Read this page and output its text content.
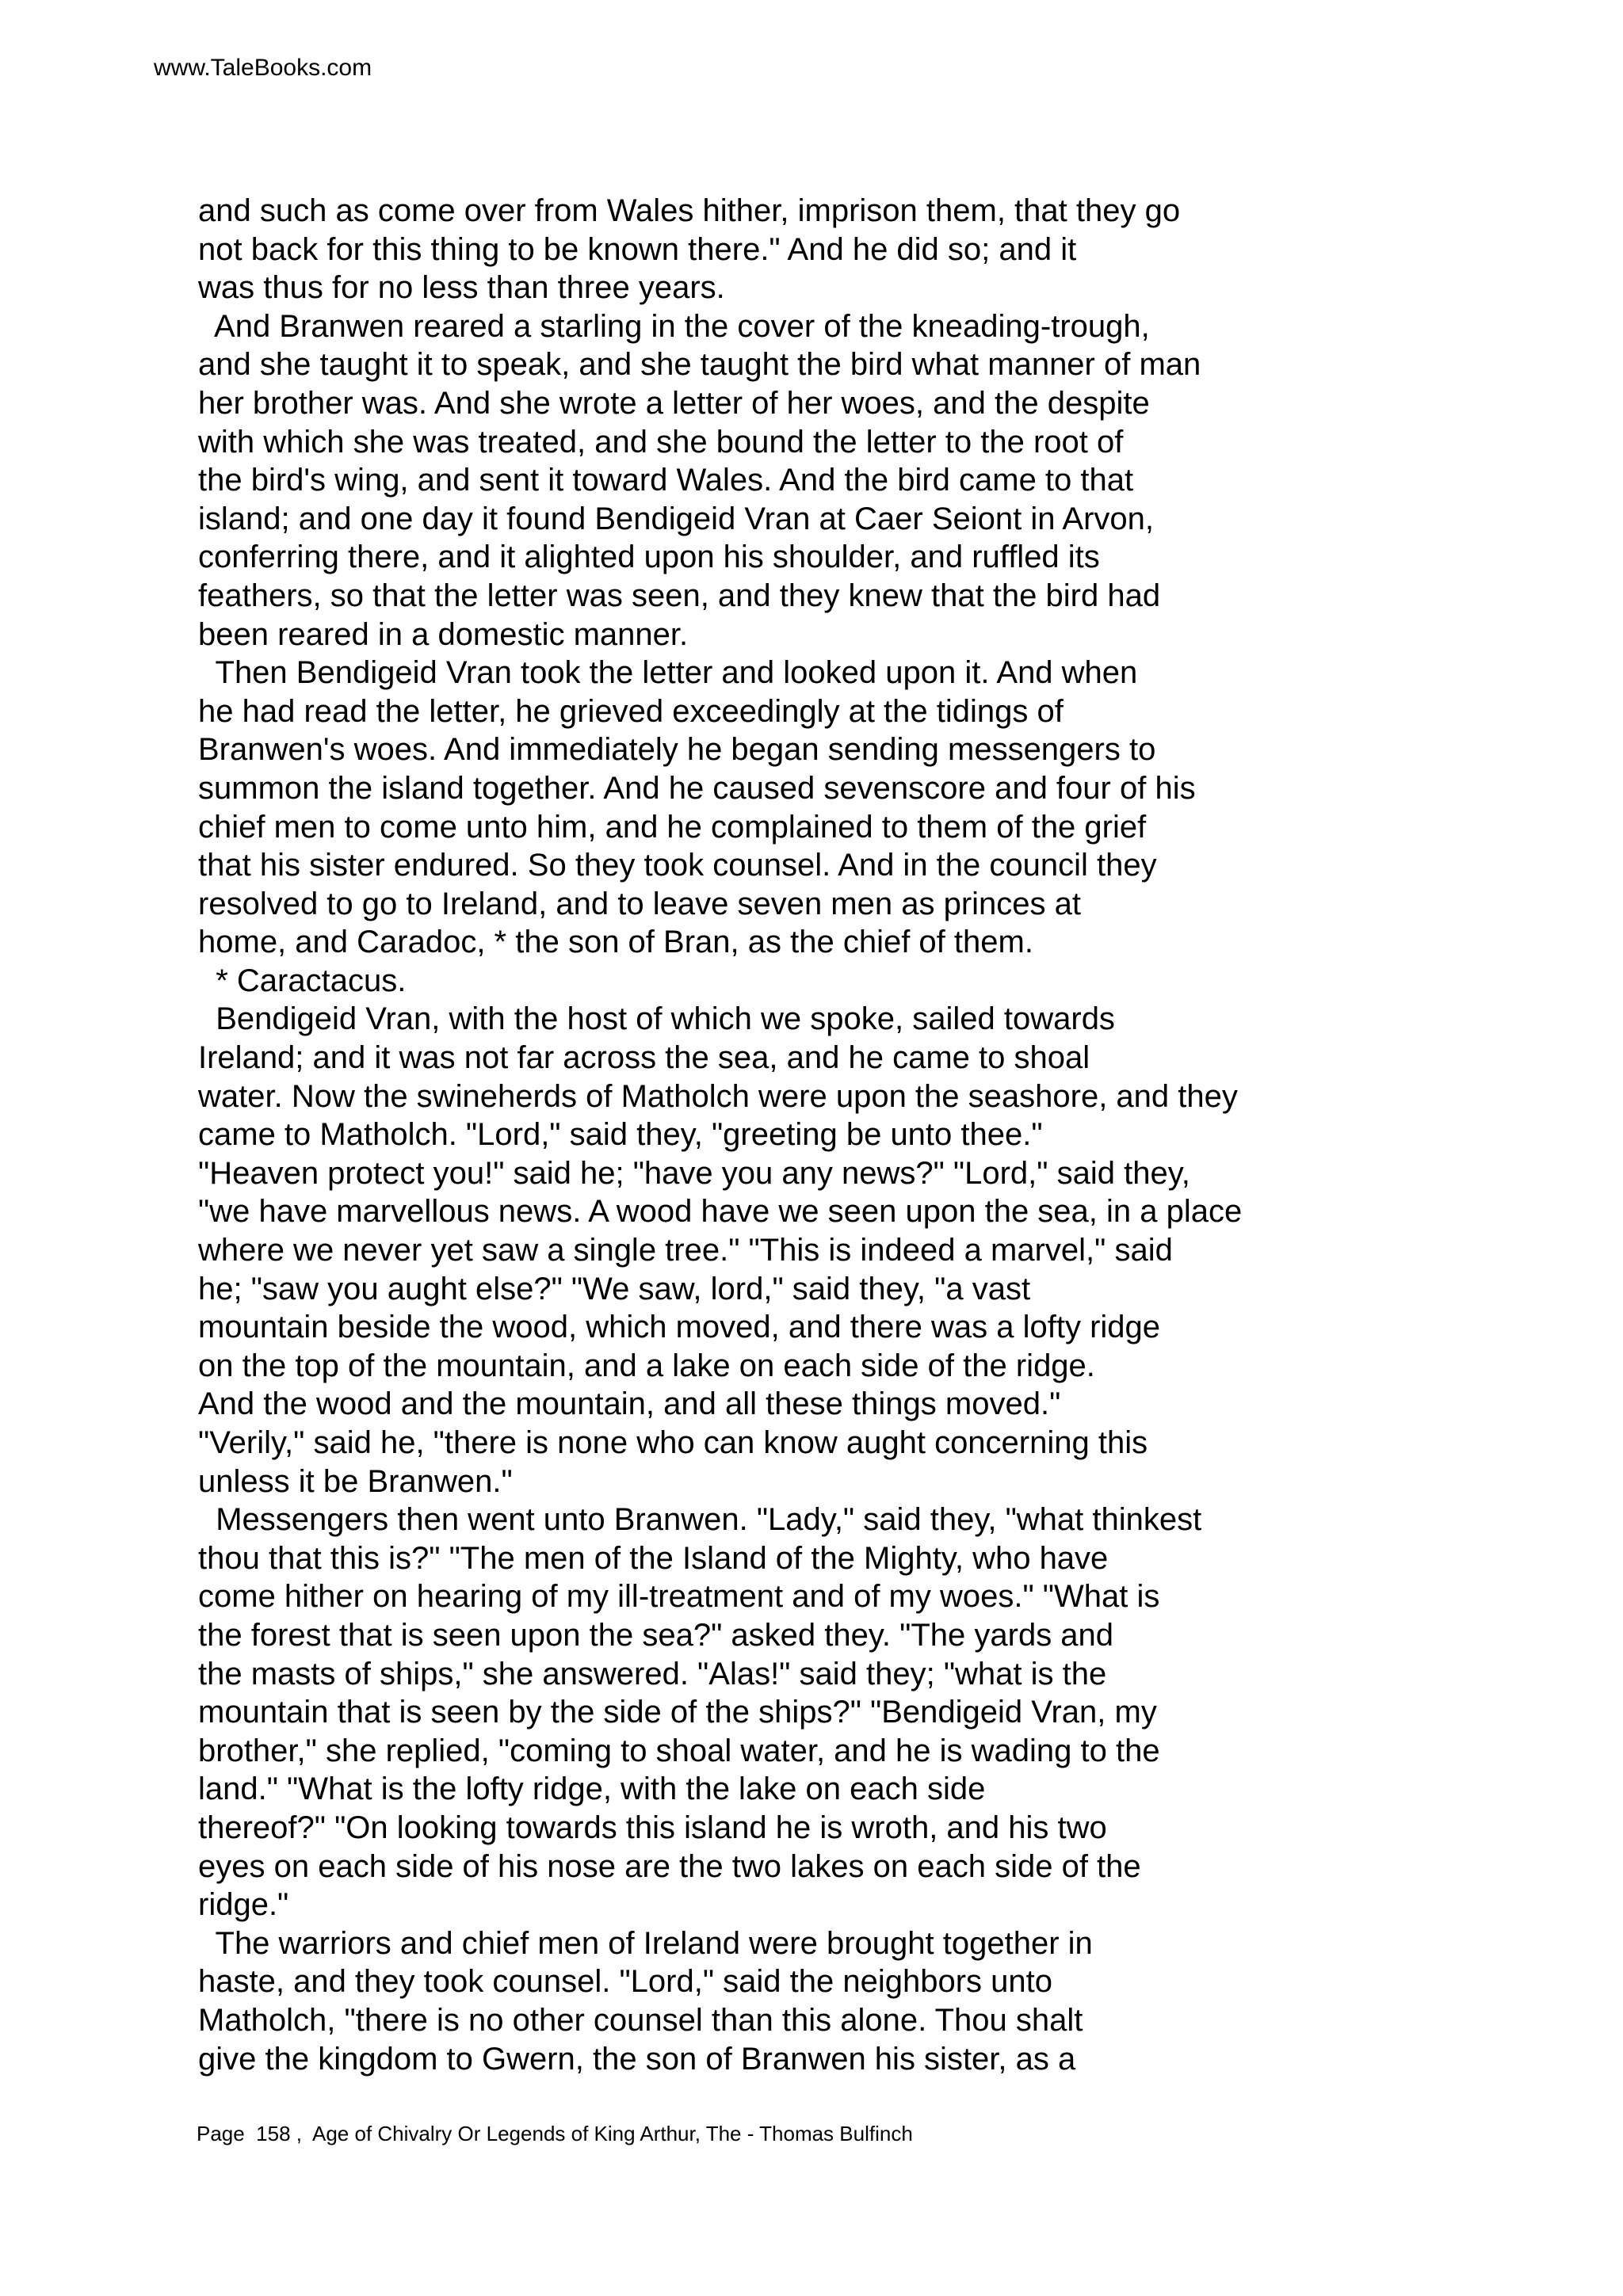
www.TaleBooks.com
and such as come over from Wales hither, imprison them, that they go
not back for this thing to be known there." And he did so; and it
was thus for no less than three years.
And Branwen reared a starling in the cover of the kneading-trough,
and she taught it to speak, and she taught the bird what manner of man
her brother was. And she wrote a letter of her woes, and the despite
with which she was treated, and she bound the letter to the root of
the bird's wing, and sent it toward Wales. And the bird came to that
island; and one day it found Bendigeid Vran at Caer Seiont in Arvon,
conferring there, and it alighted upon his shoulder, and ruffled its
feathers, so that the letter was seen, and they knew that the bird had
been reared in a domestic manner.
Then Bendigeid Vran took the letter and looked upon it. And when
he had read the letter, he grieved exceedingly at the tidings of
Branwen's woes. And immediately he began sending messengers to
summon the island together. And he caused sevenscore and four of his
chief men to come unto him, and he complained to them of the grief
that his sister endured. So they took counsel. And in the council they
resolved to go to Ireland, and to leave seven men as princes at
home, and Caradoc, * the son of Bran, as the chief of them.
* Caractacus.
Bendigeid Vran, with the host of which we spoke, sailed towards
Ireland; and it was not far across the sea, and he came to shoal
water. Now the swineherds of Matholch were upon the seashore, and they
came to Matholch. "Lord," said they, "greeting be unto thee."
"Heaven protect you!" said he; "have you any news?" "Lord," said they,
"we have marvellous news. A wood have we seen upon the sea, in a place
where we never yet saw a single tree." "This is indeed a marvel," said
he; "saw you aught else?" "We saw, lord," said they, "a vast
mountain beside the wood, which moved, and there was a lofty ridge
on the top of the mountain, and a lake on each side of the ridge.
And the wood and the mountain, and all these things moved."
"Verily," said he, "there is none who can know aught concerning this
unless it be Branwen."
Messengers then went unto Branwen. "Lady," said they, "what thinkest
thou that this is?" "The men of the Island of the Mighty, who have
come hither on hearing of my ill-treatment and of my woes." "What is
the forest that is seen upon the sea?" asked they. "The yards and
the masts of ships," she answered. "Alas!" said they; "what is the
mountain that is seen by the side of the ships?" "Bendigeid Vran, my
brother," she replied, "coming to shoal water, and he is wading to the
land." "What is the lofty ridge, with the lake on each side
thereof?" "On looking towards this island he is wroth, and his two
eyes on each side of his nose are the two lakes on each side of the
ridge."
The warriors and chief men of Ireland were brought together in
haste, and they took counsel. "Lord," said the neighbors unto
Matholch, "there is no other counsel than this alone. Thou shalt
give the kingdom to Gwern, the son of Branwen his sister, as a
Page  158 ,  Age of Chivalry Or Legends of King Arthur, The - Thomas Bulfinch
